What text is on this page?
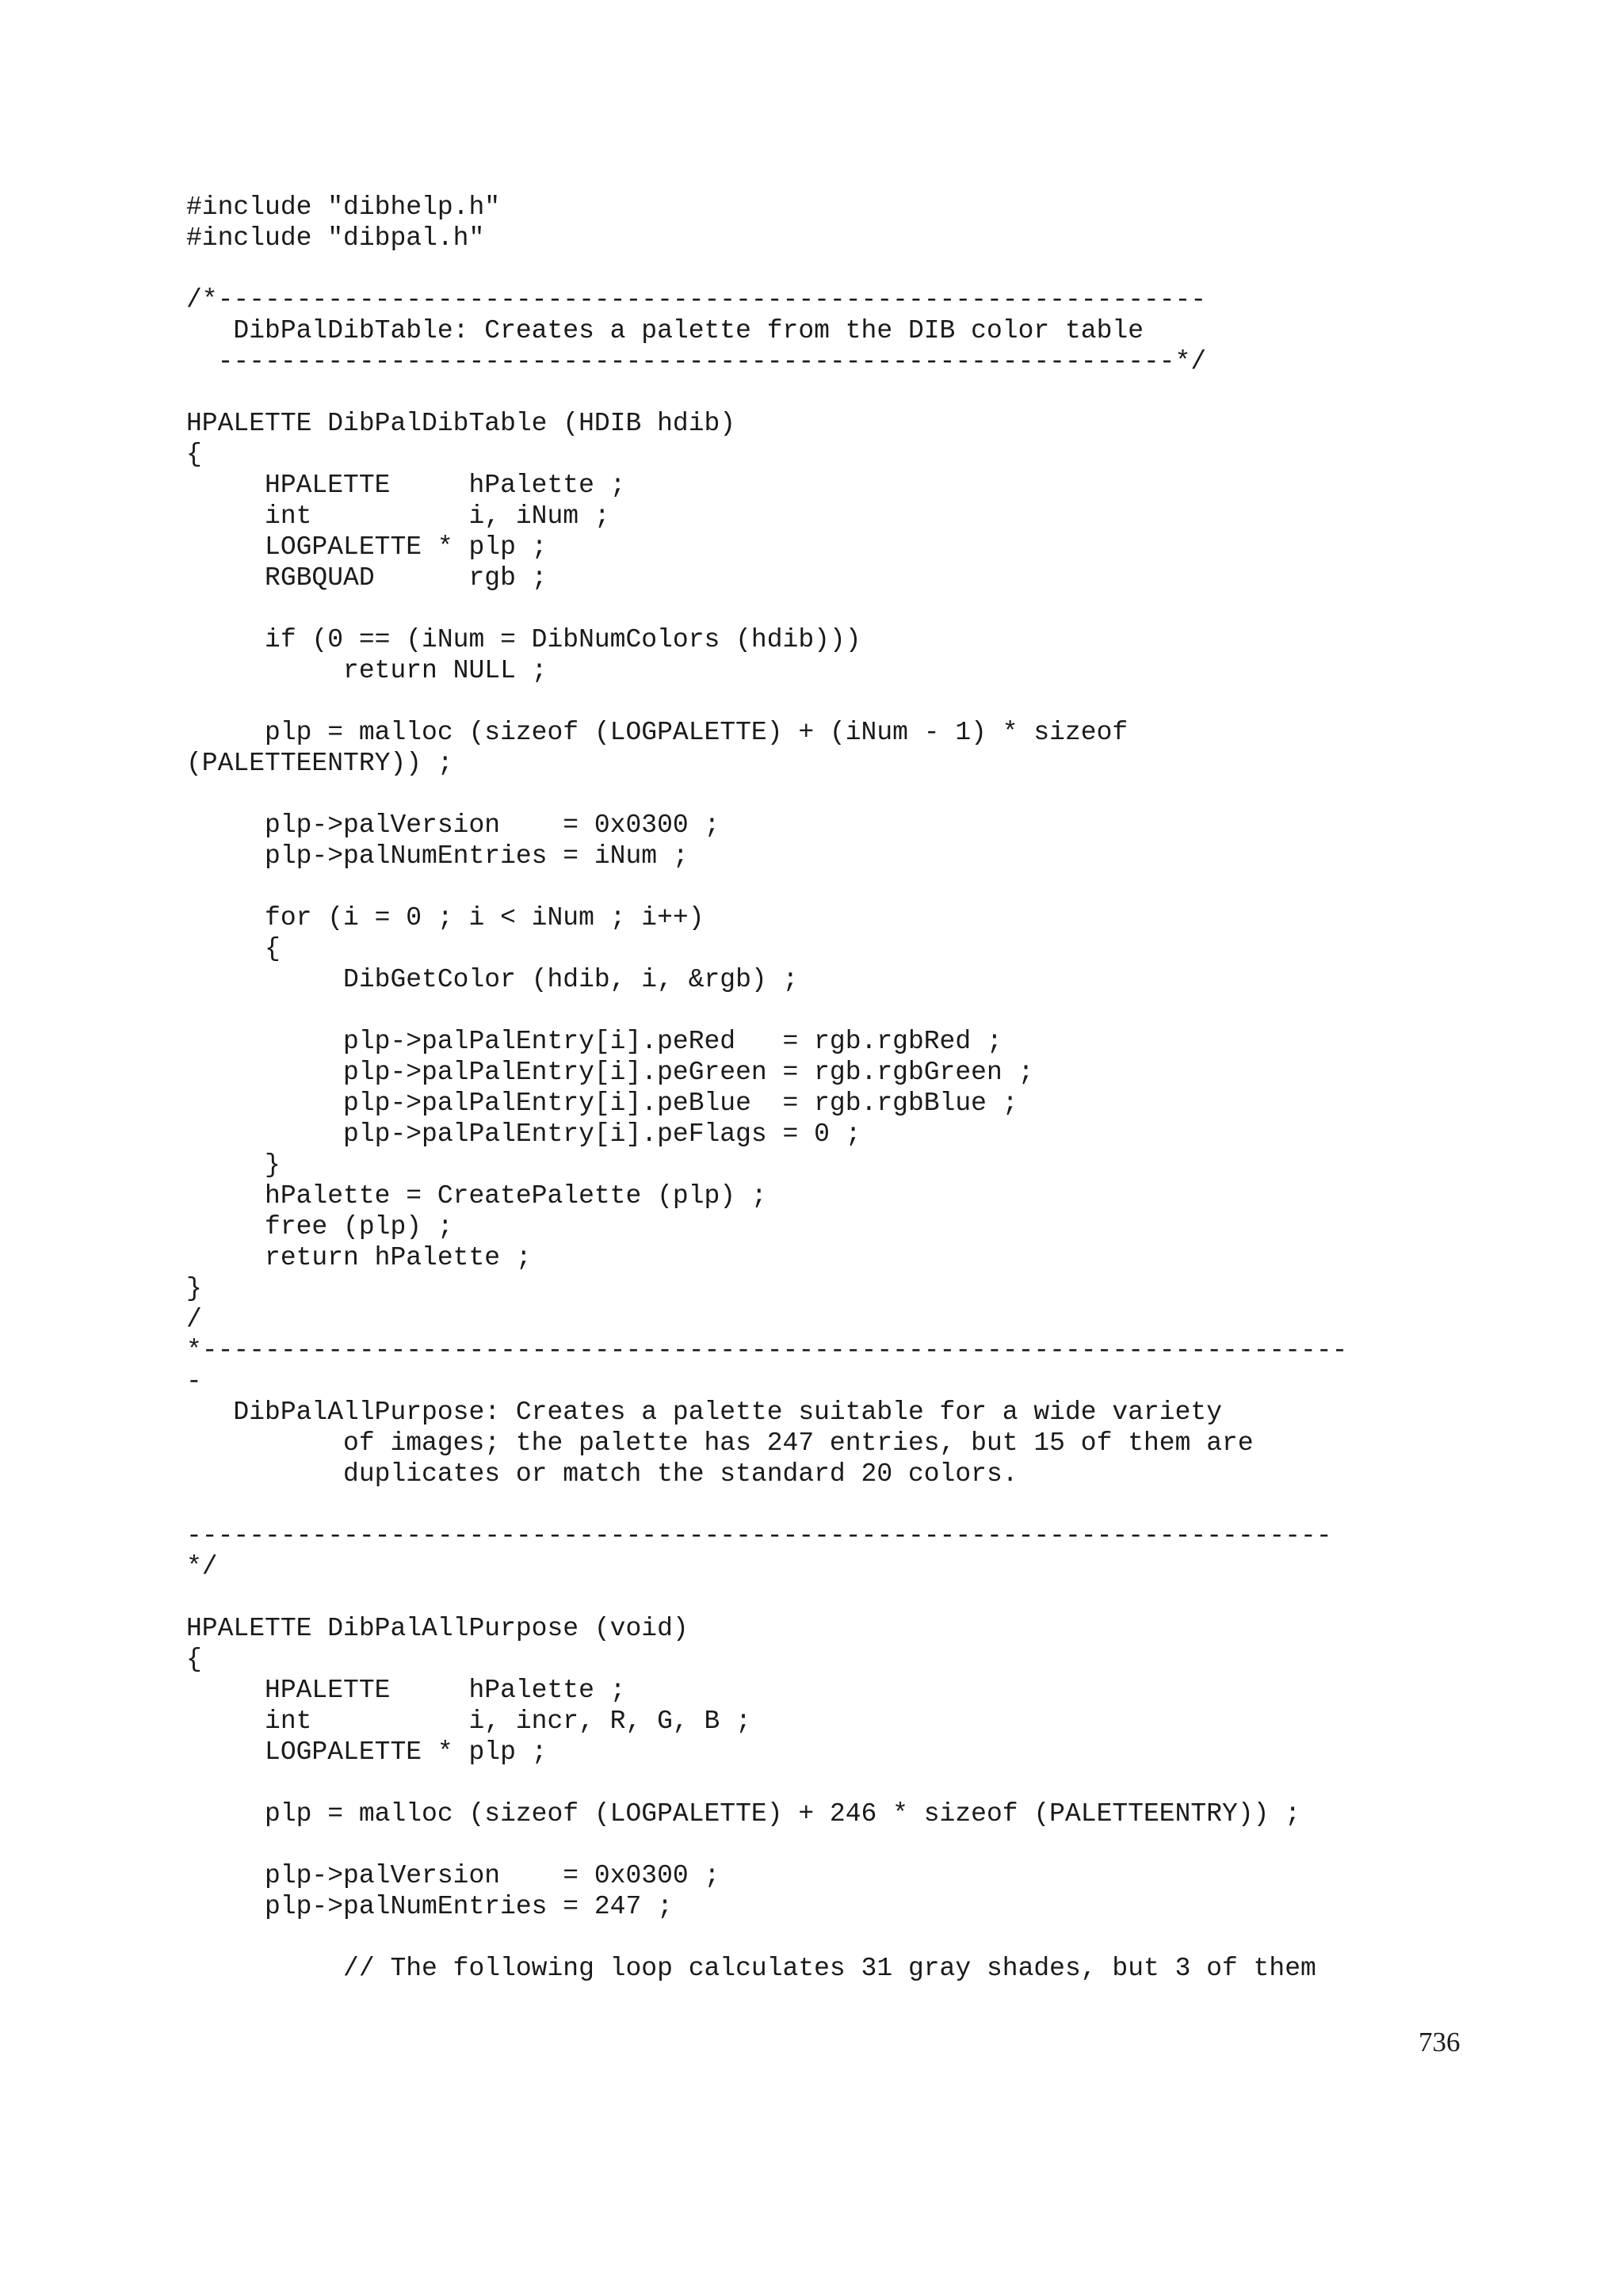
#include "dibhelp.h"
#include "dibpal.h"
/*---------------------------------------------------------------
DibPalDibTable: Creates a palette from the DIB color table
-------------------------------------------------------------*/
HPALETTE DibPalDibTable (HDIB hdib)
{
HPALETTE     hPalette ;
int          i, iNum ;
LOGPALETTE * plp ;
RGBQUAD      rgb ;
if (0 == (iNum = DibNumColors (hdib)))
return NULL ;
plp = malloc (sizeof (LOGPALETTE) + (iNum - 1) * sizeof
(PALETTEENTRY)) ;
plp->palVersion    = 0x0300 ;
plp->palNumEntries = iNum ;
for (i = 0 ; i < iNum ; i++)
{
DibGetColor (hdib, i, &rgb) ;
plp->palPalEntry[i].peRed   = rgb.rgbRed ;
plp->palPalEntry[i].peGreen = rgb.rgbGreen ;
plp->palPalEntry[i].peBlue  = rgb.rgbBlue ;
plp->palPalEntry[i].peFlags = 0 ;
}
hPalette = CreatePalette (plp) ;
free (plp) ;
return hPalette ;
}
/
*-------------------------------------------------------------------------
-
DibPalAllPurpose: Creates a palette suitable for a wide variety
of images; the palette has 247 entries, but 15 of them are
duplicates or match the standard 20 colors.
-------------------------------------------------------------------------
*/
HPALETTE DibPalAllPurpose (void)
{
HPALETTE     hPalette ;
int          i, incr, R, G, B ;
LOGPALETTE * plp ;
plp = malloc (sizeof (LOGPALETTE) + 246 * sizeof (PALETTEENTRY)) ;
plp->palVersion    = 0x0300 ;
plp->palNumEntries = 247 ;
// The following loop calculates 31 gray shades, but 3 of them
736
